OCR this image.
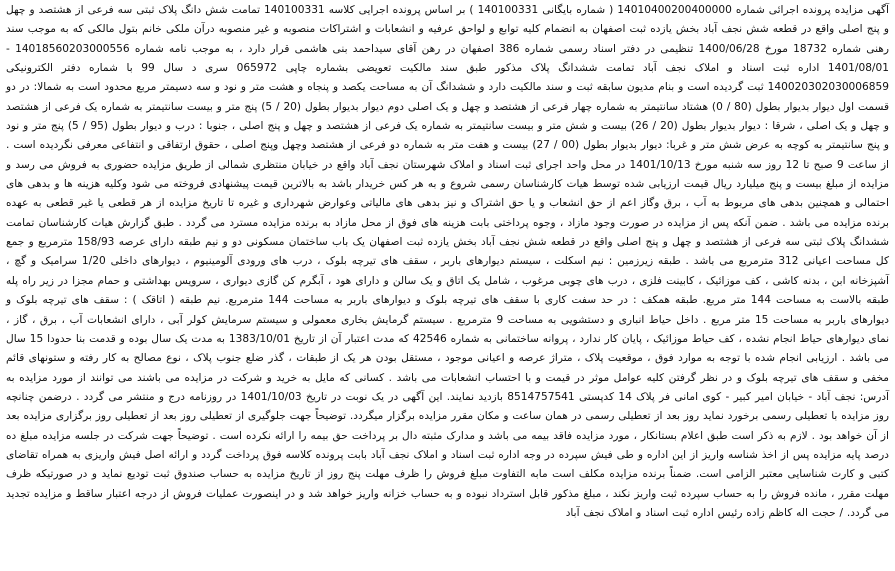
آگهی مزایده پرونده اجرائی شماره 14010400200400000 ( شماره بایگانی 140100331 ) بر اساس پرونده اجرایی کلاسه 140100331 تمامت شش دانگ پلاک ثبتی سه فرعی از هشتصد و چهل و پنج اصلی واقع در قطعه شش نجف آباد بخش یازده ثبت اصفهان به انضمام کلیه توابع و لواحق عرفیه و انشعابات و اشتراکات منصوبه و غیر منصوبه درآن ملکی خانم بتول مالکی که به موجب سند رهنی شماره 18732 مورخ 1400/06/28 تنظیمی در دفتر اسناد رسمی شماره 386 اصفهان در رهن آقای سیداحمد بنی هاشمی قرار دارد ، به موجب نامه شماره 14018560203000556 - 1401/08/01 اداره ثبت اسناد و املاک نجف آباد تمامت ششدانگ پلاک مذکور طبق سند مالکیت تعویضی بشماره چاپی 065972 سری د سال 99 با شماره دفتر الکترونیکی 140020302030006859 ثبت گردیده است و بنام مدیون سابقه ثبت و سند مالکیت دارد و ششدانگ آن به مساحت یکصد و پنجاه و هشت متر و نود و سه دسیمتر مربع محدود است به شمالا: در دو قسمت اول دیوار بدیوار بطول (80 / 0) هشتاد سانتیمتر به شماره چهار فرعی از هشتصد و چهل و یک اصلی دوم دیوار بدیوار بطول (20 / 5) پنج متر و بیست سانتیمتر به شماره یک فرعی از هشتصد و چهل و یک اصلی ، شرقا : دیوار بدیوار بطول (20 / 26) بیست و شش متر و بیست سانتیمتر به شماره یک فرعی از هشتصد و چهل و پنج اصلی ، جنوبا : درب و دیوار بطول (95 / 5) پنج متر و نود و پنج سانتیمتر به کوچه به عرض شش متر و غربا: دیوار بدیوار بطول (00 / 27) بیست و هفت متر به شماره دو فرعی از هشتصد وچهل وپنج اصلی ، حقوق ارتفاقی و انتفاعی معرفی نگردیده است . از ساعت 9 صبح تا 12 روز سه شنبه مورخ 1401/10/13 در محل واحد اجرای ثبت اسناد و املاک شهرستان نجف آباد واقع در خیابان منتظری شمالی از طریق مزایده حضوری به فروش می رسد و مزایده از مبلغ بیست و پنج میلیارد ریال قیمت ارزیابی شده توسط هیات کارشناسان رسمی شروع و به هر کس خریدار باشد به بالاترین قیمت پیشنهادی فروخته می شود وکلیه هزینه ها و بدهی های احتمالی و همچنین بدهی های مربوط به آب ، برق وگاز اعم از حق انشعاب و یا حق اشتراک و نیز بدهی های مالیاتی وعوارض شهرداری و غیره تا تاریخ مزایده از هر قطعی یا غیر قطعی به عهده برنده مزایده می باشد . ضمن آنکه پس از مزایده در صورت وجود مازاد ، وجوه پرداختی بابت هزینه های فوق از محل مازاد به برنده مزایده مسترد می گردد . طبق گزارش هیات کارشناسان تمامت ششدانگ پلاک ثبتی سه فرعی از هشتصد و چهل و پنج اصلی واقع در قطعه شش نجف آباد بخش یازده ثبت اصفهان یک باب ساختمان مسکونی دو و نیم طبقه دارای عرصه 158/93 مترمربع و جمع کل مساحت اعیانی 312 مترمربع می باشد . طبقه زیرزمین : نیم اسکلت ، سیستم دیوارهای باربر ، سقف های تیرچه بلوک ، درب های ورودی آلومینیوم ، دیوارهای داخلی 1/20 سرامیک و گچ ، آشپزخانه ابن ، بدنه کاشی ، کف موزائیک ، کابینت فلزی ، درب های چوبی مرغوب ، شامل یک اتاق و یک سالن و دارای هود ، آبگرم کن گازی دیواری ، سرویس بهداشتی و حمام مجزا در زیر راه پله طبقه بالاست به مساحت 144 متر مربع. طبقه همکف : در حد سفت کاری با سقف های تیرچه بلوک و دیوارهای باربر به مساحت 144 مترمربع. نیم طبقه ( اتاقک ) : سقف های تیرچه بلوک و دیوارهای باربر به مساحت 15 متر مربع . داخل حیاط انباری و دستشویی به مساحت 9 مترمربع . سیستم گرمایش بخاری معمولی و سیستم سرمایش کولر آبی ، دارای انشعابات آب ، برق ، گاز ، نمای دیوارهای حیاط انجام نشده ، کف حیاط موزائیک ، پایان کار ندارد ، پروانه ساختمانی به شماره 42546 که مدت اعتبار آن از تاریخ 1383/10/01 به مدت یک سال بوده و قدمت بنا حدودا 15 سال می باشد . ارزیابی انجام شده با توجه به موارد فوق ، موقعیت پلاک ، متراژ عرصه و اعیانی موجود ، مستقل بودن هر یک از طبقات ، گذر ضلع جنوب پلاک ، نوع مصالح به کار رفته و ستونهای قائم مخفی و سقف های تیرچه بلوک و در نظر گرفتن کلیه عوامل موثر در قیمت و با احتساب انشعابات می باشد . کسانی که مایل به خرید و شرکت در مزایده می باشند می توانند از مورد مزایده به آدرس: نجف آباد - خیابان امیر کبیر - کوی امانی فر پلاک 14 کدپستی 8514757541 بازدید نمایند. این آگهی در یک نوبت در تاریخ 1401/10/03 در روزنامه درج و منتشر می گردد . درضمن چنانچه روز مزایده با تعطیلی رسمی برخورد نماید روز بعد از تعطیلی رسمی در همان ساعت و مکان مقرر مزایده برگزار میگردد. توضیحاً جهت جلوگیری از تعطیلی روز بعد از تعطیلی روز برگزاری مزایده بعد از آن خواهد بود . لازم به ذکر است طبق اعلام بستانکار ، مورد مزایده فاقد بیمه می باشد و مدارک مثبته دال بر پرداخت حق بیمه را ارائه نکرده است . توضیحاً جهت شرکت در جلسه مزایده مبلغ ده درصد پایه مزایده پس از اخذ شناسه واریز از این اداره و طی فیش سپرده در وجه اداره ثبت اسناد و املاک نجف آباد بابت پرونده کلاسه فوق پرداخت گردد و ارائه اصل فیش واریزی به همراه تقاضای کتبی و کارت شناسایی معتبر الزامی است. ضمناً برنده مزایده مکلف است مابه التفاوت مبلغ فروش را ظرف مهلت پنج روز از تاریخ مزایده به حساب صندوق ثبت تودیع نماید و در صورتیکه ظرف مهلت مقرر ، مانده فروش را به حساب سپرده ثبت واریز نکند ، مبلغ مذکور قابل استرداد نبوده و به حساب خزانه واریز خواهد شد و در اینصورت عملیات فروش از درجه اعتبار ساقط و مزایده تجدید می گردد. / حجت اله کاظم زاده رئیس اداره ثبت اسناد و املاک نجف آباد
